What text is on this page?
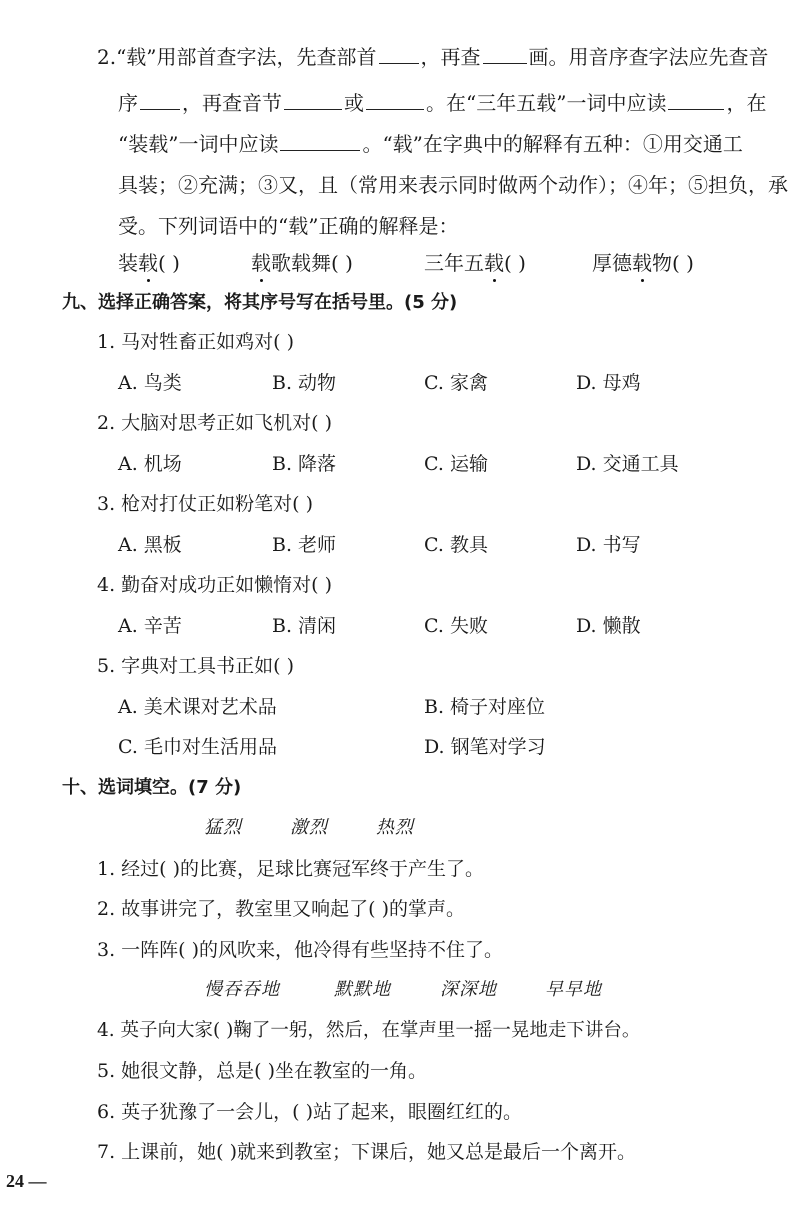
2.“载”用部首查字法，先查部首 ，再查 画。用音序查字法应先查音
序 ，再查音节	或	。在“三年五载”一词中应读	，在
“装载”一词中应读	。“载”在字典中的解释有五种：①用交通工
具装；②充满；③又，且（常用来表示同时做两个动作）；④年；⑤担负，承
受。下列词语中的“载”正确的解释是：
装载( )	载歌载舞( )	三年五载( )	厚德载物( )
九、选择正确答案，将其序号写在括号里。(5 分)
1. 马对牲畜正如鸡对( )
A. 鸟类	B. 动物	C. 家禽	D. 母鸡
2. 大脑对思考正如飞机对( )
A. 机场	B. 降落	C. 运输	D. 交通工具
3. 枪对打仗正如粉笔对( )
A. 黑板	B. 老师	C. 教具	D. 书写
4. 勤奋对成功正如懒惰对( )
A. 辛苦	B. 清闲	C. 失败	D. 懒散
5. 字典对工具书正如( )
A. 美术课对艺术品	B. 椅子对座位
C. 毛巾对生活用品	D. 钢笔对学习
十、选词填空。(7 分)
猛烈	激烈	热烈
1. 经过( )的比赛，足球比赛冠军终于产生了。
2. 故事讲完了，教室里又响起了( )的掌声。
3. 一阵阵( )的风吹来，他冷得有些坚持不住了。
慢吞吞地	默默地	深深地	早早地
4. 英子向大家( )鞠了一躬，然后，在掌声里一摇一晃地走下讲台。
5. 她很文静，总是( )坐在教室的一角。
6. 英子犹豫了一会儿，( )站了起来，眼圈红红的。
7. 上课前，她( )就来到教室；下课后，她又总是最后一个离开。
24 —
